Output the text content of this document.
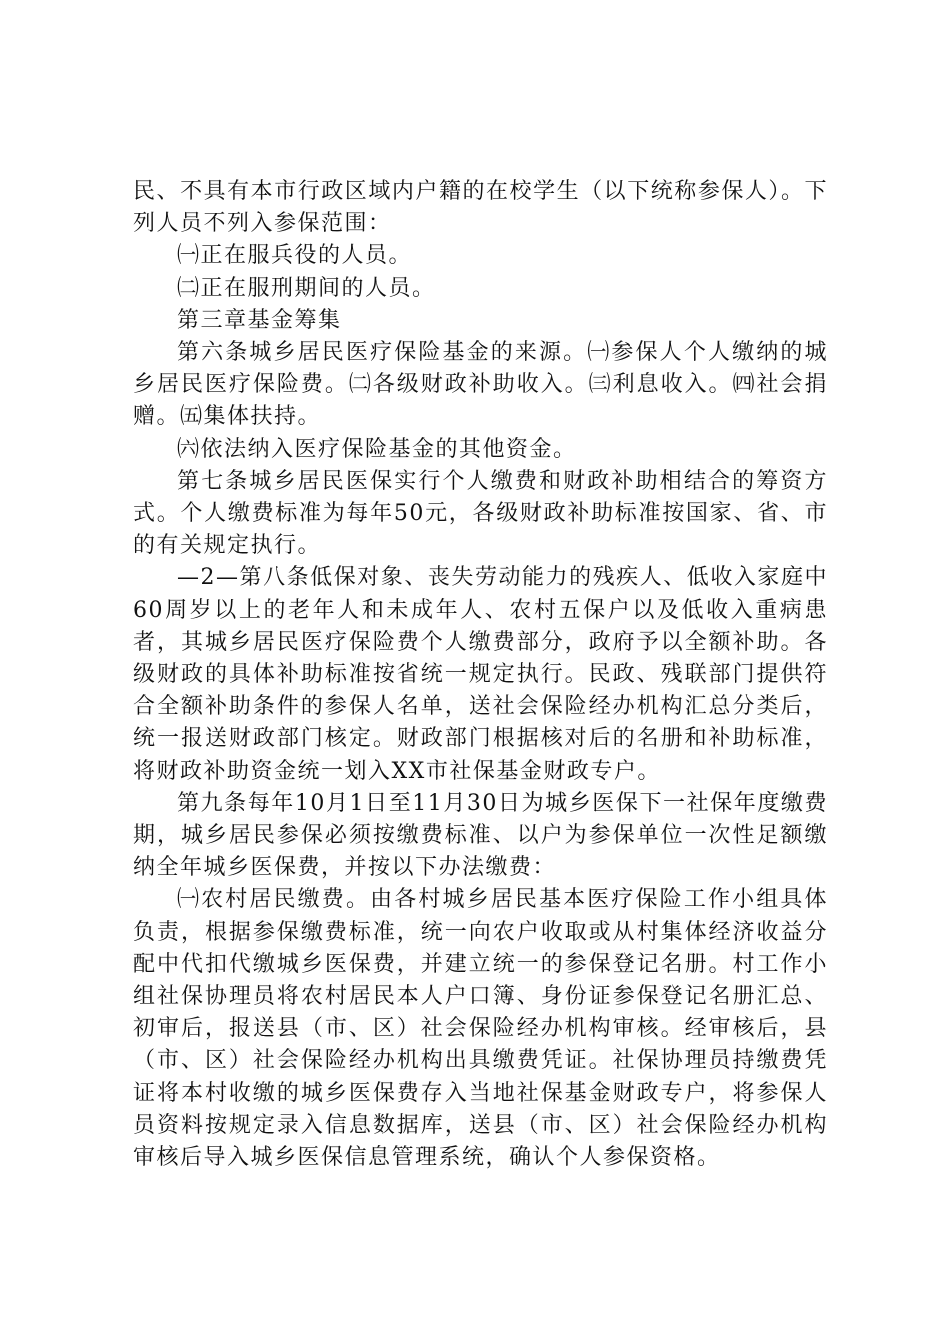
民、不具有本市行政区域内户籍的在校学生（以下统称参保人）。下列人员不列入参保范围：

㈠正在服兵役的人员。

㈡正在服刑期间的人员。

第三章基金筹集

第六条城乡居民医疗保险基金的来源。㈠参保人个人缴纳的城乡居民医疗保险费。㈡各级财政补助收入。㈢利息收入。㈣社会捐赠。㈤集体扶持。

㈥依法纳入医疗保险基金的其他资金。

第七条城乡居民医保实行个人缴费和财政补助相结合的筹资方式。个人缴费标准为每年50元，各级财政补助标准按国家、省、市的有关规定执行。

—2—第八条低保对象、丧失劳动能力的残疾人、低收入家庭中60周岁以上的老年人和未成年人、农村五保户以及低收入重病患者，其城乡居民医疗保险费个人缴费部分，政府予以全额补助。各级财政的具体补助标准按省统一规定执行。民政、残联部门提供符合全额补助条件的参保人名单，送社会保险经办机构汇总分类后，统一报送财政部门核定。财政部门根据核对后的名册和补助标准，将财政补助资金统一划入XX市社保基金财政专户。

第九条每年10月1日至11月30日为城乡医保下一社保年度缴费期，城乡居民参保必须按缴费标准、以户为参保单位一次性足额缴纳全年城乡医保费，并按以下办法缴费：

㈠农村居民缴费。由各村城乡居民基本医疗保险工作小组具体负责，根据参保缴费标准，统一向农户收取或从村集体经济收益分配中代扣代缴城乡医保费，并建立统一的参保登记名册。村工作小组社保协理员将农村居民本人户口簿、身份证参保登记名册汇总、初审后，报送县（市、区）社会保险经办机构审核。经审核后，县（市、区）社会保险经办机构出具缴费凭证。社保协理员持缴费凭证将本村收缴的城乡医保费存入当地社保基金财政专户，将参保人员资料按规定录入信息数据库，送县（市、区）社会保险经办机构审核后导入城乡医保信息管理系统，确认个人参保资格。
